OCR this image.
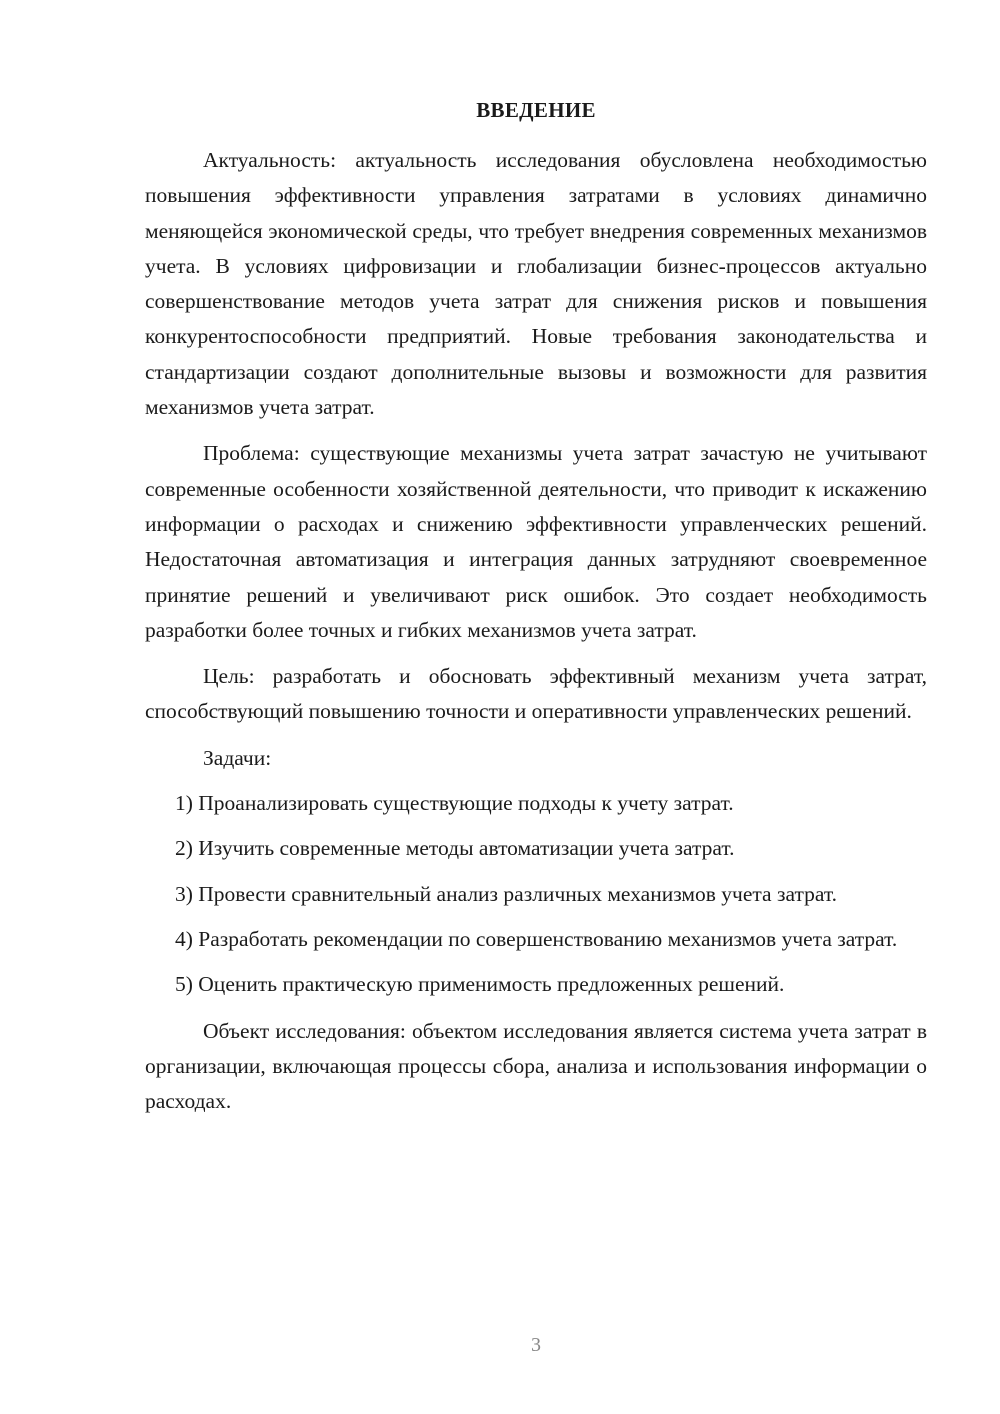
ВВЕДЕНИЕ

Актуальность: актуальность исследования обусловлена необходимостью повышения эффективности управления затратами в условиях динамично меняющейся экономической среды, что требует внедрения современных механизмов учета. В условиях цифровизации и глобализации бизнес-процессов актуально совершенствование методов учета затрат для снижения рисков и повышения конкурентоспособности предприятий. Новые требования законодательства и стандартизации создают дополнительные вызовы и возможности для развития механизмов учета затрат.

Проблема: существующие механизмы учета затрат зачастую не учитывают современные особенности хозяйственной деятельности, что приводит к искажению информации о расходах и снижению эффективности управленческих решений. Недостаточная автоматизация и интеграция данных затрудняют своевременное принятие решений и увеличивают риск ошибок. Это создает необходимость разработки более точных и гибких механизмов учета затрат.

Цель: разработать и обосновать эффективный механизм учета затрат, способствующий повышению точности и оперативности управленческих решений.

Задачи:

1) Проанализировать существующие подходы к учету затрат.

2) Изучить современные методы автоматизации учета затрат.

3) Провести сравнительный анализ различных механизмов учета затрат.

4) Разработать рекомендации по совершенствованию механизмов учета затрат.

5) Оценить практическую применимость предложенных решений.

Объект исследования: объектом исследования является система учета затрат в организации, включающая процессы сбора, анализа и использования информации о расходах.

3
